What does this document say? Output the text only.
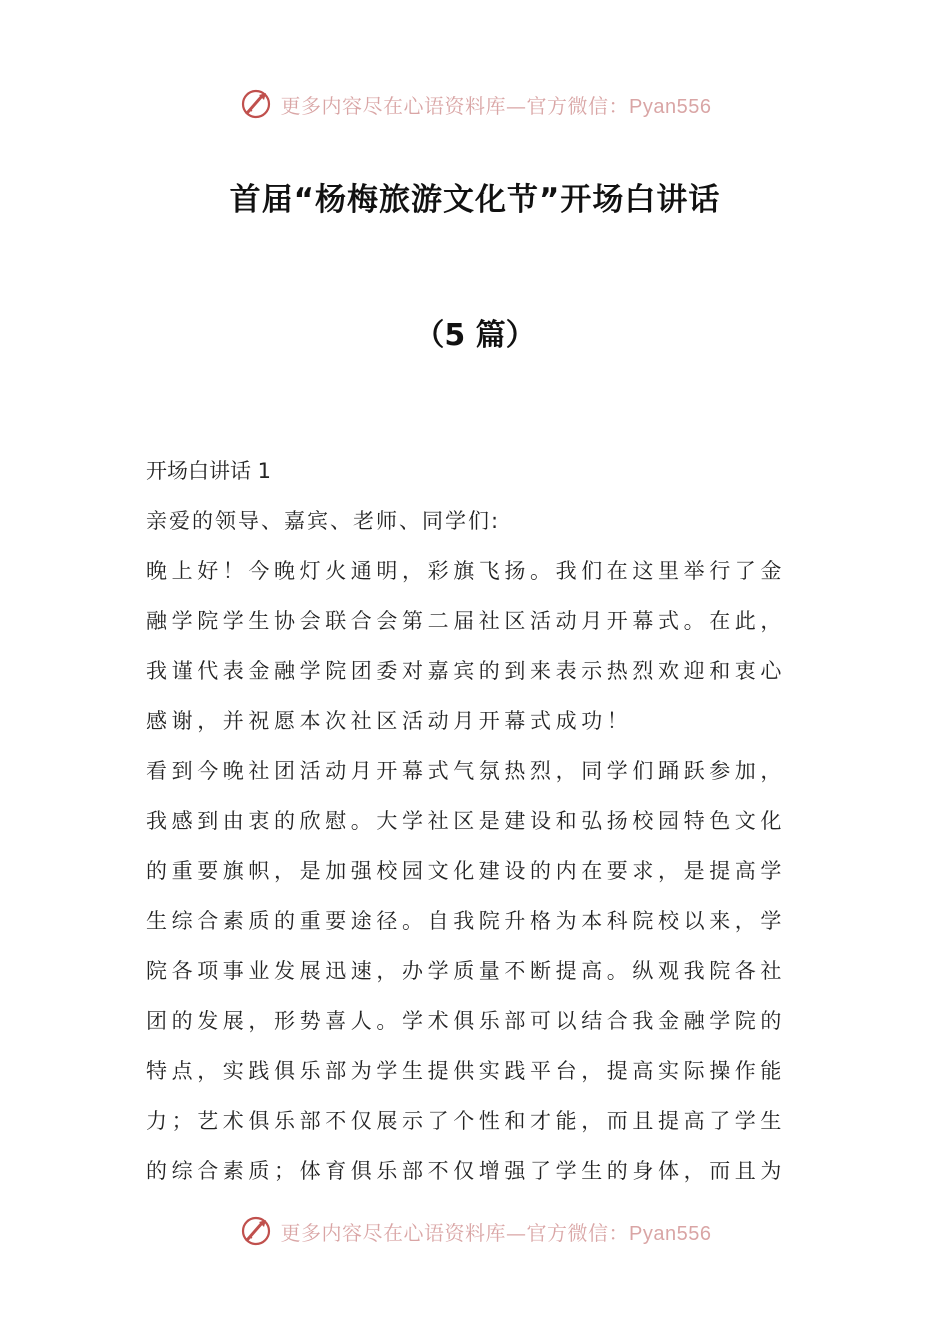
更多内容尽在心语资料库—官方微信：Pyan556
首届“杨梅旅游文化节”开场白讲话
（5 篇）
开场白讲话 1
亲爱的领导、嘉宾、老师、同学们:
晚上好！今晚灯火通明，彩旗飞扬。我们在这里举行了金
融学院学生协会联合会第二届社区活动月开幕式。在此，
我谨代表金融学院团委对嘉宾的到来表示热烈欢迎和衷心
感谢，并祝愿本次社区活动月开幕式成功！
看到今晚社团活动月开幕式气氛热烈，同学们踊跃参加，
我感到由衷的欣慰。大学社区是建设和弘扬校园特色文化
的重要旗帜，是加强校园文化建设的内在要求，是提高学
生综合素质的重要途径。自我院升格为本科院校以来，学
院各项事业发展迅速，办学质量不断提高。纵观我院各社
团的发展，形势喜人。学术俱乐部可以结合我金融学院的
特点，实践俱乐部为学生提供实践平台，提高实际操作能
力；艺术俱乐部不仅展示了个性和才能，而且提高了学生
的综合素质；体育俱乐部不仅增强了学生的身体，而且为
更多内容尽在心语资料库—官方微信：Pyan556
